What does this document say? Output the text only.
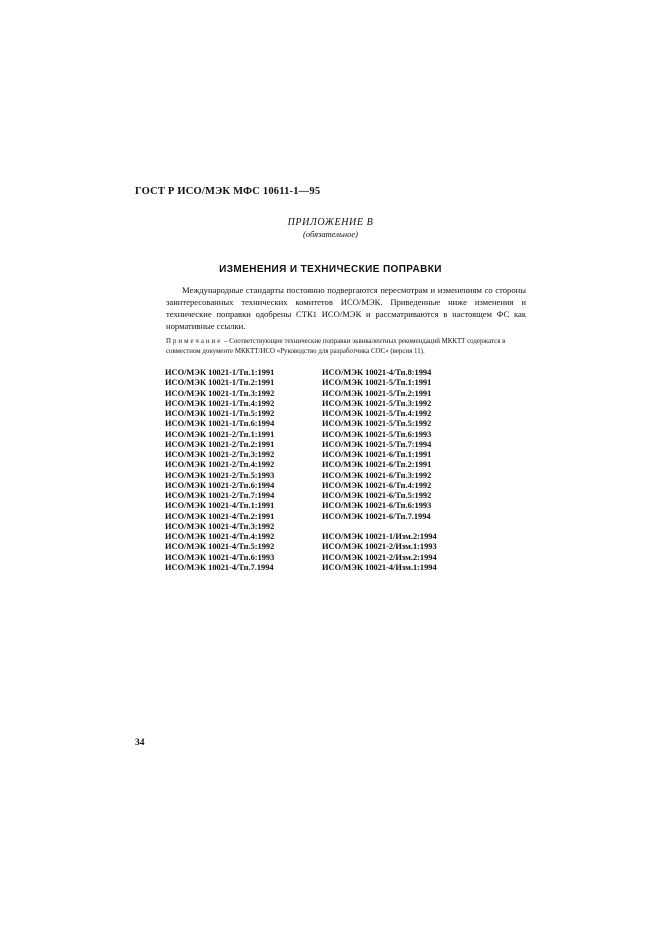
ГОСТ Р ИСО/МЭК МФС 10611-1—95
ПРИЛОЖЕНИЕ В
(обязательное)
ИЗМЕНЕНИЯ И ТЕХНИЧЕСКИЕ ПОПРАВКИ

Международные стандарты постоянно подвергаются пересмотрам и изменениям со стороны заинтересованных технических комитетов ИСО/МЭК. Приведенные ниже изменения и технические поправки одобрены СТК1 ИСО/МЭК и рассматриваются в настоящем ФС как нормативные ссылки.

Примечание – Соответствующие технические поправки эквивалентных рекомендаций МККТТ содержатся в совместном документе МККТТ/ИСО «Руководство для разработчика СОС» (версия 11).

ИСО/МЭК 10021-1/Тп.1:1991
ИСО/МЭК 10021-1/Тп.2:1991
ИСО/МЭК 10021-1/Тп.3:1992
ИСО/МЭК 10021-1/Тп.4:1992
ИСО/МЭК 10021-1/Тп.5:1992
ИСО/МЭК 10021-1/Тп.6:1994
ИСО/МЭК 10021-2/Тп.1:1991
ИСО/МЭК 10021-2/Тп.2:1991
ИСО/МЭК 10021-2/Тп.3:1992
ИСО/МЭК 10021-2/Тп.4:1992
ИСО/МЭК 10021-2/Тп.5:1993
ИСО/МЭК 10021-2/Тп.6:1994
ИСО/МЭК 10021-2/Тп.7:1994
ИСО/МЭК 10021-4/Тп.1:1991
ИСО/МЭК 10021-4/Тп.2:1991
ИСО/МЭК 10021-4/Тп.3:1992
ИСО/МЭК 10021-4/Тп.4:1992
ИСО/МЭК 10021-4/Тп.5:1992
ИСО/МЭК 10021-4/Тп.6:1993
ИСО/МЭК 10021-4/Тп.7.1994
ИСО/МЭК 10021-4/Тп.8:1994
ИСО/МЭК 10021-5/Тп.1:1991
ИСО/МЭК 10021-5/Тп.2:1991
ИСО/МЭК 10021-5/Тп.3:1992
ИСО/МЭК 10021-5/Тп.4:1992
ИСО/МЭК 10021-5/Тп.5:1992
ИСО/МЭК 10021-5/Тп.6:1993
ИСО/МЭК 10021-5/Тп.7:1994
ИСО/МЭК 10021-6/Тп.1:1991
ИСО/МЭК 10021-6/Тп.2:1991
ИСО/МЭК 10021-6/Тп.3:1992
ИСО/МЭК 10021-6/Тп.4:1992
ИСО/МЭК 10021-6/Тп.5:1992
ИСО/МЭК 10021-6/Тп.6:1993
ИСО/МЭК 10021-6/Тп.7.1994
ИСО/МЭК 10021-1/Изм.2:1994
ИСО/МЭК 10021-2/Изм.1:1993
ИСО/МЭК 10021-2/Изм.2:1994
ИСО/МЭК 10021-4/Изм.1:1994
34
